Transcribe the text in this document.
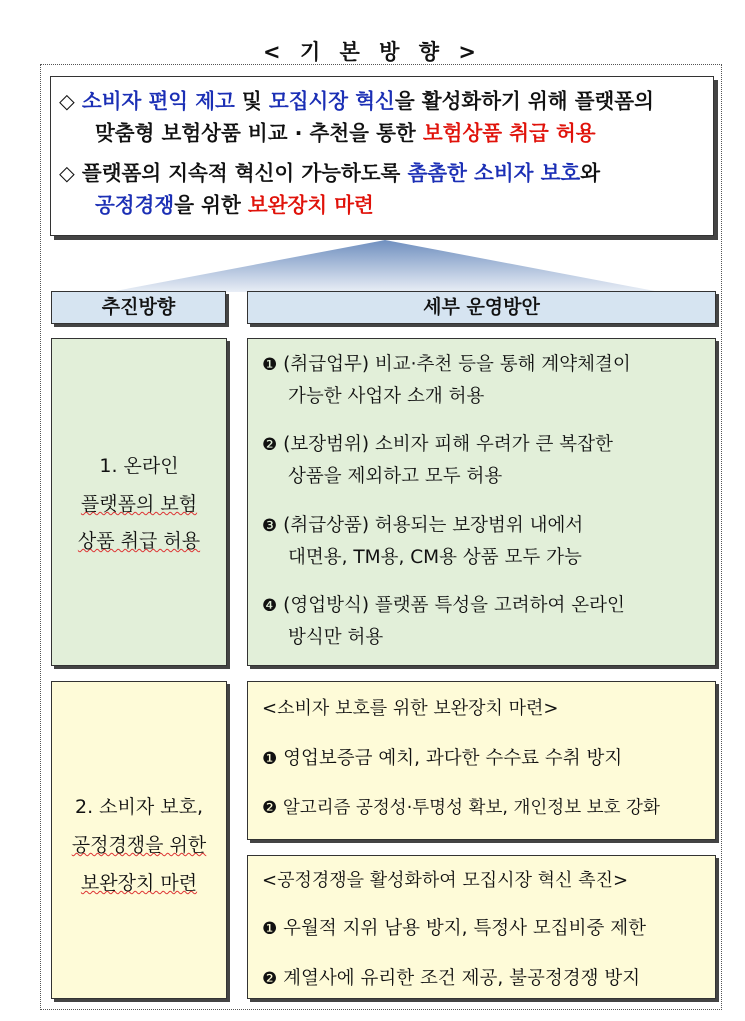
< 기 본 방 향 >
◇ 소비자 편익 제고 및 모집시장 혁신을 활성화하기 위해 플랫폼의
맞춤형 보험상품 비교 · 추천을 통한 보험상품 취급 허용
◇ 플랫폼의 지속적 혁신이 가능하도록 촘촘한 소비자 보호와
공정경쟁을 위한 보완장치 마련
추진방향	세부 운영방안
1. 온라인
플랫폼의 보험
상품 취급 허용
❶ (취급업무) 비교·추천 등을 통해 계약체결이
가능한 사업자 소개 허용
❷ (보장범위) 소비자 피해 우려가 큰 복잡한
상품을 제외하고 모두 허용
❸ (취급상품) 허용되는 보장범위 내에서
대면용, TM용, CM용 상품 모두 가능
❹ (영업방식) 플랫폼 특성을 고려하여 온라인
방식만 허용
2. 소비자 보호,
공정경쟁을 위한
보완장치 마련
<소비자 보호를 위한 보완장치 마련>
❶ 영업보증금 예치, 과다한 수수료 수취 방지
❷ 알고리즘 공정성·투명성 확보, 개인정보 보호 강화
<공정경쟁을 활성화하여 모집시장 혁신 촉진>
❶ 우월적 지위 남용 방지, 특정사 모집비중 제한
❷ 계열사에 유리한 조건 제공, 불공정경쟁 방지
